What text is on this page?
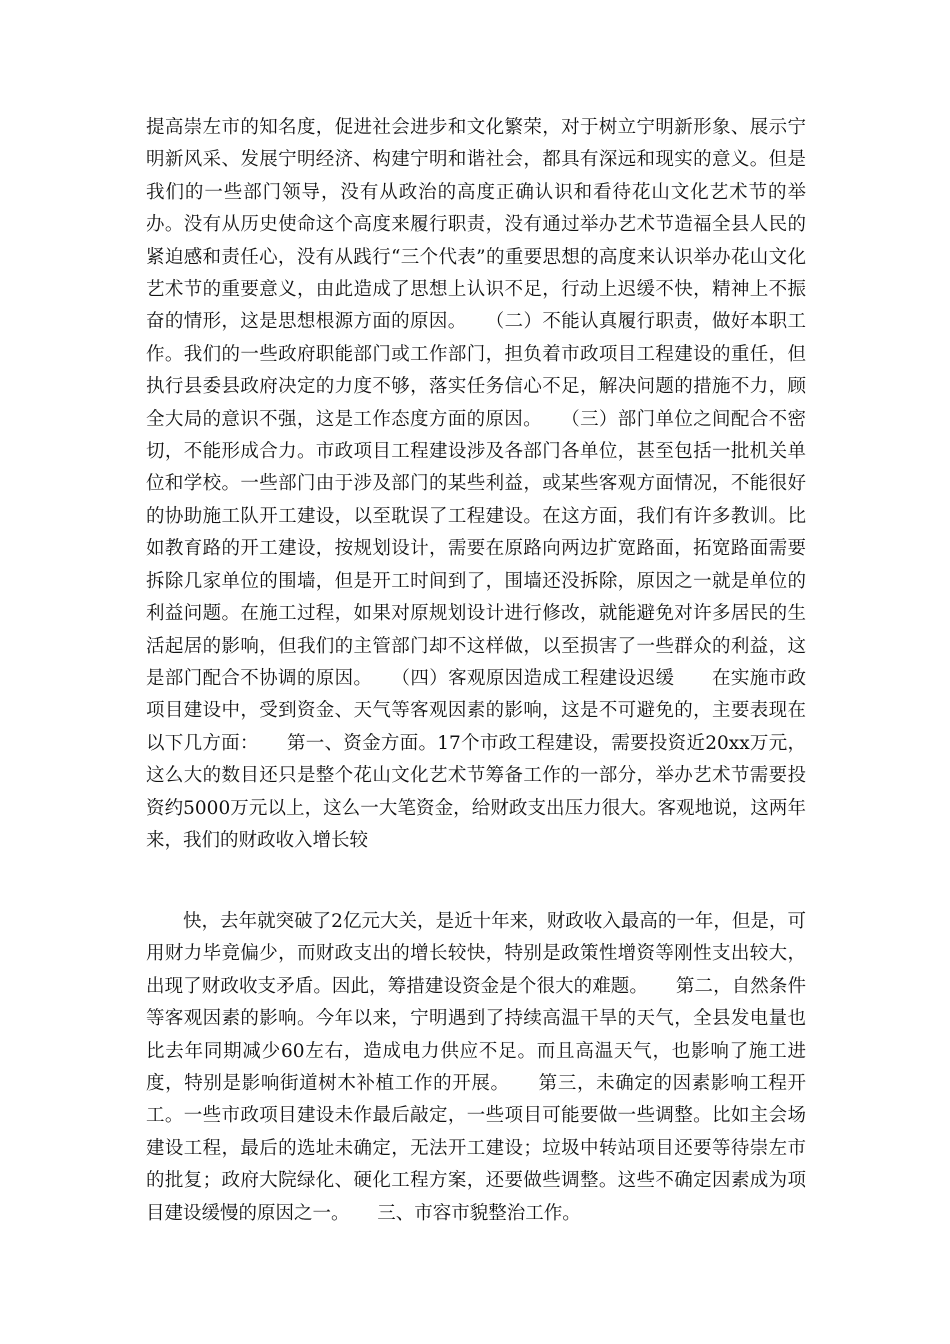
提高崇左市的知名度，促进社会进步和文化繁荣，对于树立宁明新形象、展示宁明新风采、发展宁明经济、构建宁明和谐社会，都具有深远和现实的意义。但是我们的一些部门领导，没有从政治的高度正确认识和看待花山文化艺术节的举办。没有从历史使命这个高度来履行职责，没有通过举办艺术节造福全县人民的紧迫感和责任心，没有从践行“三个代表”的重要思想的高度来认识举办花山文化艺术节的重要意义，由此造成了思想上认识不足，行动上迟缓不快，精神上不振奋的情形，这是思想根源方面的原因。　　（二）不能认真履行职责，做好本职工作。我们的一些政府职能部门或工作部门，担负着市政项目工程建设的重任，但执行县委县政府决定的力度不够，落实任务信心不足，解决问题的措施不力，顾全大局的意识不强，这是工作态度方面的原因。　　（三）部门单位之间配合不密切，不能形成合力。市政项目工程建设涉及各部门各单位，甚至包括一批机关单位和学校。一些部门由于涉及部门的某些利益，或某些客观方面情况，不能很好的协助施工队开工建设，以至耽误了工程建设。在这方面，我们有许多教训。比如教育路的开工建设，按规划设计，需要在原路向两边扩宽路面，拓宽路面需要拆除几家单位的围墙，但是开工时间到了，围墙还没拆除，原因之一就是单位的利益问题。在施工过程，如果对原规划设计进行修改，就能避免对许多居民的生活起居的影响，但我们的主管部门却不这样做，以至损害了一些群众的利益，这是部门配合不协调的原因。　　（四）客观原因造成工程建设迟缓　　在实施市政项目建设中，受到资金、天气等客观因素的影响，这是不可避免的，主要表现在以下几方面：　　第一、资金方面。17个市政工程建设，需要投资近20xx万元，这么大的数目还只是整个花山文化艺术节筹备工作的一部分，举办艺术节需要投资约5000万元以上，这么一大笔资金，给财政支出压力很大。客观地说，这两年来，我们的财政收入增长较

快，去年就突破了2亿元大关，是近十年来，财政收入最高的一年，但是，可用财力毕竟偏少，而财政支出的增长较快，特别是政策性增资等刚性支出较大，出现了财政收支矛盾。因此，筹措建设资金是个很大的难题。　　第二，自然条件等客观因素的影响。今年以来，宁明遇到了持续高温干旱的天气，全县发电量也比去年同期减少60左右，造成电力供应不足。而且高温天气，也影响了施工进度，特别是影响街道树木补植工作的开展。　　第三，未确定的因素影响工程开工。一些市政项目建设未作最后敲定，一些项目可能要做一些调整。比如主会场建设工程，最后的选址未确定，无法开工建设；垃圾中转站项目还要等待崇左市的批复；政府大院绿化、硬化工程方案，还要做些调整。这些不确定因素成为项目建设缓慢的原因之一。　　三、市容市貌整治工作。
